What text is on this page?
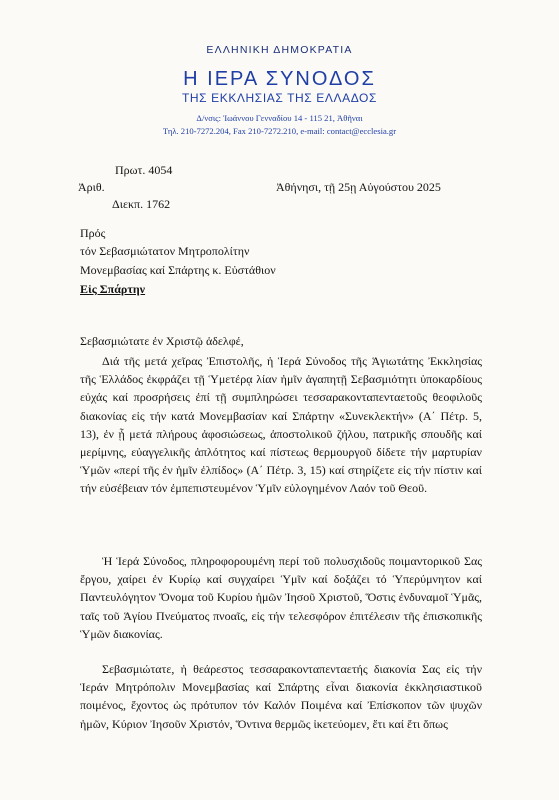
ΕΛΛΗΝΙΚΗ ΔΗΜΟΚΡΑΤΙΑ
Η ΙΕΡΑ ΣΥΝΟΔΟΣ
ΤΗΣ ΕΚΚΛΗΣΙΑΣ ΤΗΣ ΕΛΛΑΔΟΣ
Δ/νσις: Ἰωάννου Γενναδίου 14 - 115 21, Ἀθῆναι
Τηλ. 210-7272.204, Fax 210-7272.210, e-mail: contact@ecclesia.gr
Πρωτ. 4054
Ἀριθ.	Ἀθήνησι, τῇ 25ῃ Αὐγούστου 2025
Διεκπ. 1762
Πρός
τόν Σεβασμιώτατον Μητροπολίτην
Μονεμβασίας καί Σπάρτης κ. Εὐστάθιον
Εἰς Σπάρτην
Σεβασμιώτατε ἐν Χριστῷ ἀδελφέ,

Διά τῆς μετά χεῖρας Ἐπιστολῆς, ἡ Ἱερά Σύνοδος τῆς Ἁγιωτάτης Ἐκκλησίας τῆς Ἑλλάδος ἐκφράζει τῇ Ὑμετέρᾳ λίαν ἡμῖν ἀγαπητῇ Σεβασμιότητι ὑποκαρδίους εὐχάς καί προσρήσεις ἐπί τῇ συμπληρώσει τεσσαρακονταπενταετοῦς θεοφιλοῦς διακονίας εἰς τήν κατά Μονεμβασίαν καί Σπάρτην «Συνεκλεκτήν» (Α΄ Πέτρ. 5, 13), ἐν ᾗ μετά πλήρους ἀφοσιώσεως, ἀποστολικοῦ ζήλου, πατρικῆς σπουδῆς καί μερίμνης, εὐαγγελικῆς ἁπλότητος καί πίστεως θερμουργοῦ δίδετε τήν μαρτυρίαν Ὑμῶν «περί τῆς ἐν ἡμῖν ἐλπίδος» (Α΄ Πέτρ. 3, 15) καί στηρίζετε εἰς τήν πίστιν καί τήν εὐσέβειαν τόν ἐμπεπιστευμένον Ὑμῖν εὐλογημένον Λαόν τοῦ Θεοῦ.

Ἡ Ἱερά Σύνοδος, πληροφορουμένη περί τοῦ πολυσχιδοῦς ποιμαντορικοῦ Σας ἔργου, χαίρει ἐν Κυρίῳ καί συγχαίρει Ὑμῖν καί δοξάζει τό Ὑπερύμνητον καί Παντευλόγητον Ὄνομα τοῦ Κυρίου ἡμῶν Ἰησοῦ Χριστοῦ, Ὅστις ἐνδυναμοῖ Ὑμᾶς, ταῖς τοῦ Ἁγίου Πνεύματος πνοαῖς, εἰς τήν τελεσφόρον ἐπιτέλεσιν τῆς ἐπισκοπικῆς Ὑμῶν διακονίας.

Σεβασμιώτατε, ἡ θεάρεστος τεσσαρακονταπενταετής διακονία Σας εἰς τήν Ἱεράν Μητρόπολιν Μονεμβασίας καί Σπάρτης εἶναι διακονία ἐκκλησιαστικοῦ ποιμένος, ἔχοντος ὡς πρότυπον τόν Καλόν Ποιμένα καί Ἐπίσκοπον τῶν ψυχῶν ἡμῶν, Κύριον Ἰησοῦν Χριστόν, Ὅντινα θερμῶς ἱκετεύομεν, ἔτι καί ἔτι ὅπως
